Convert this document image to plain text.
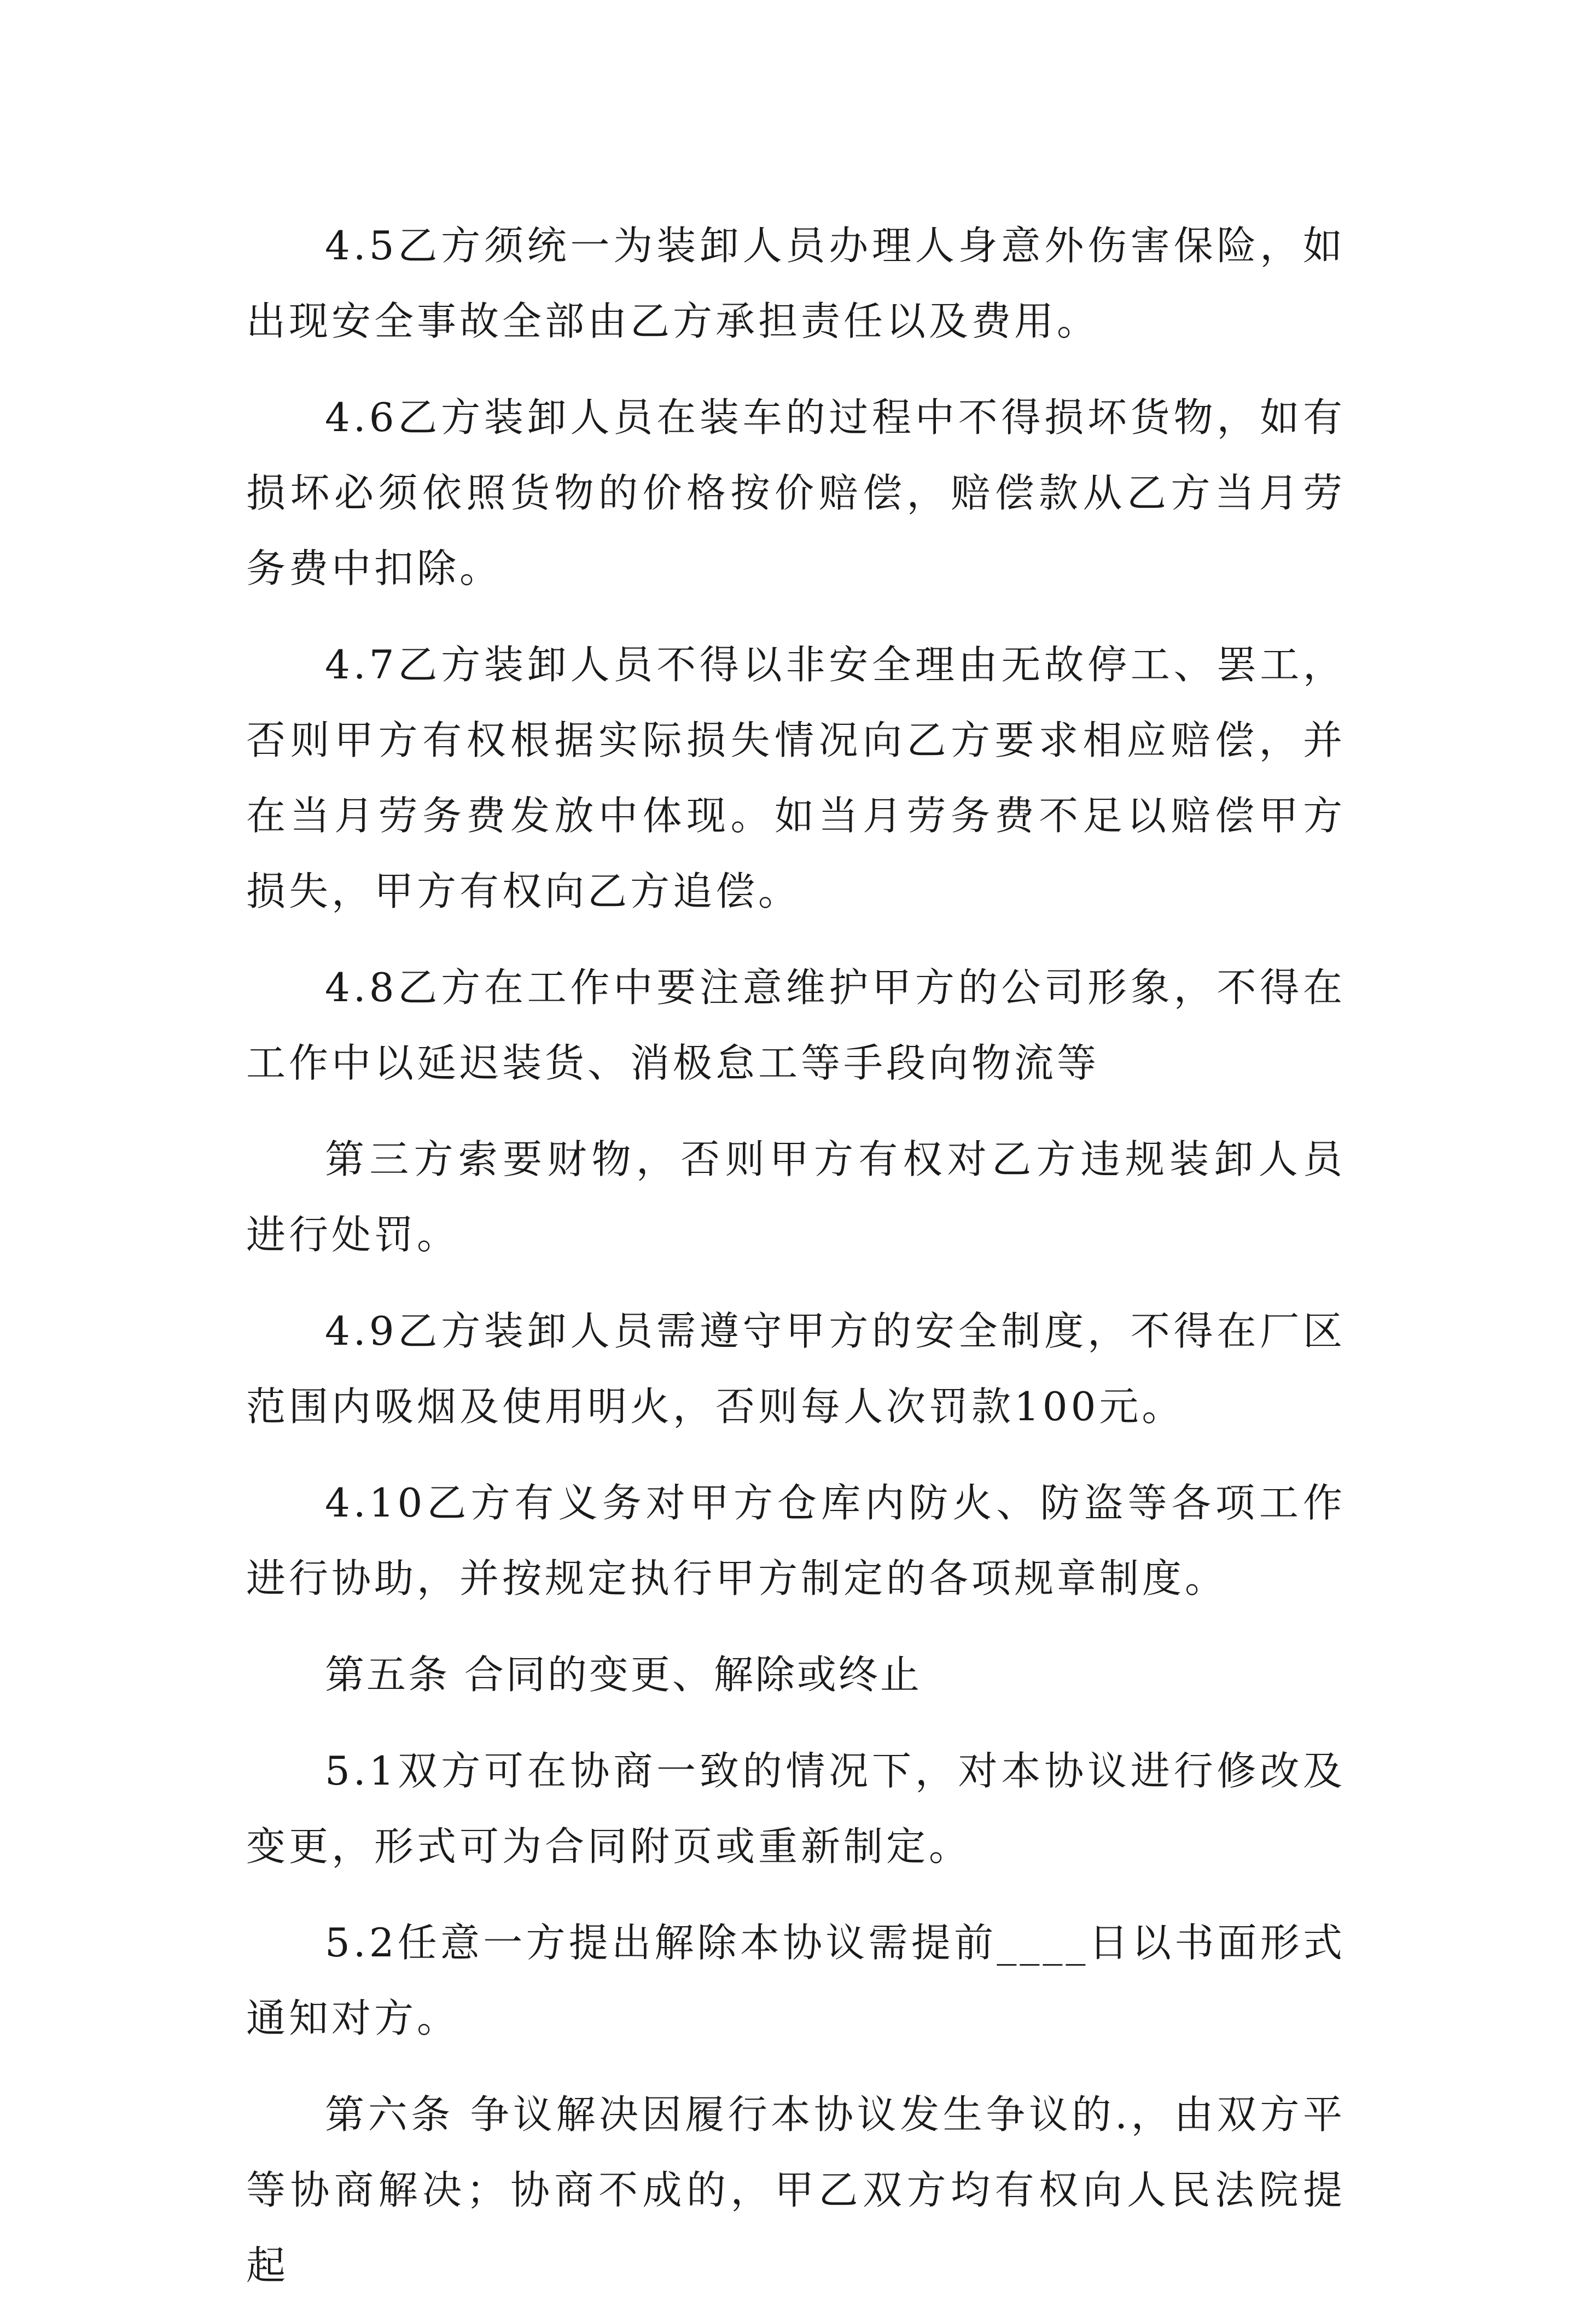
4.5乙方须统一为装卸人员办理人身意外伤害保险，如出现安全事故全部由乙方承担责任以及费用。

4.6乙方装卸人员在装车的过程中不得损坏货物，如有损坏必须依照货物的价格按价赔偿，赔偿款从乙方当月劳务费中扣除。

4.7乙方装卸人员不得以非安全理由无故停工、罢工，否则甲方有权根据实际损失情况向乙方要求相应赔偿，并在当月劳务费发放中体现。如当月劳务费不足以赔偿甲方损失，甲方有权向乙方追偿。

4.8乙方在工作中要注意维护甲方的公司形象，不得在工作中以延迟装货、消极怠工等手段向物流等

第三方索要财物，否则甲方有权对乙方违规装卸人员进行处罚。

4.9乙方装卸人员需遵守甲方的安全制度，不得在厂区范围内吸烟及使用明火，否则每人次罚款100元。

4.10乙方有义务对甲方仓库内防火、防盗等各项工作进行协助，并按规定执行甲方制定的各项规章制度。

第五条 合同的变更、解除或终止

5.1双方可在协商一致的情况下，对本协议进行修改及变更，形式可为合同附页或重新制定。

5.2任意一方提出解除本协议需提前____日以书面形式通知对方。

第六条 争议解决因履行本协议发生争议的.，由双方平等协商解决；协商不成的，甲乙双方均有权向人民法院提起
